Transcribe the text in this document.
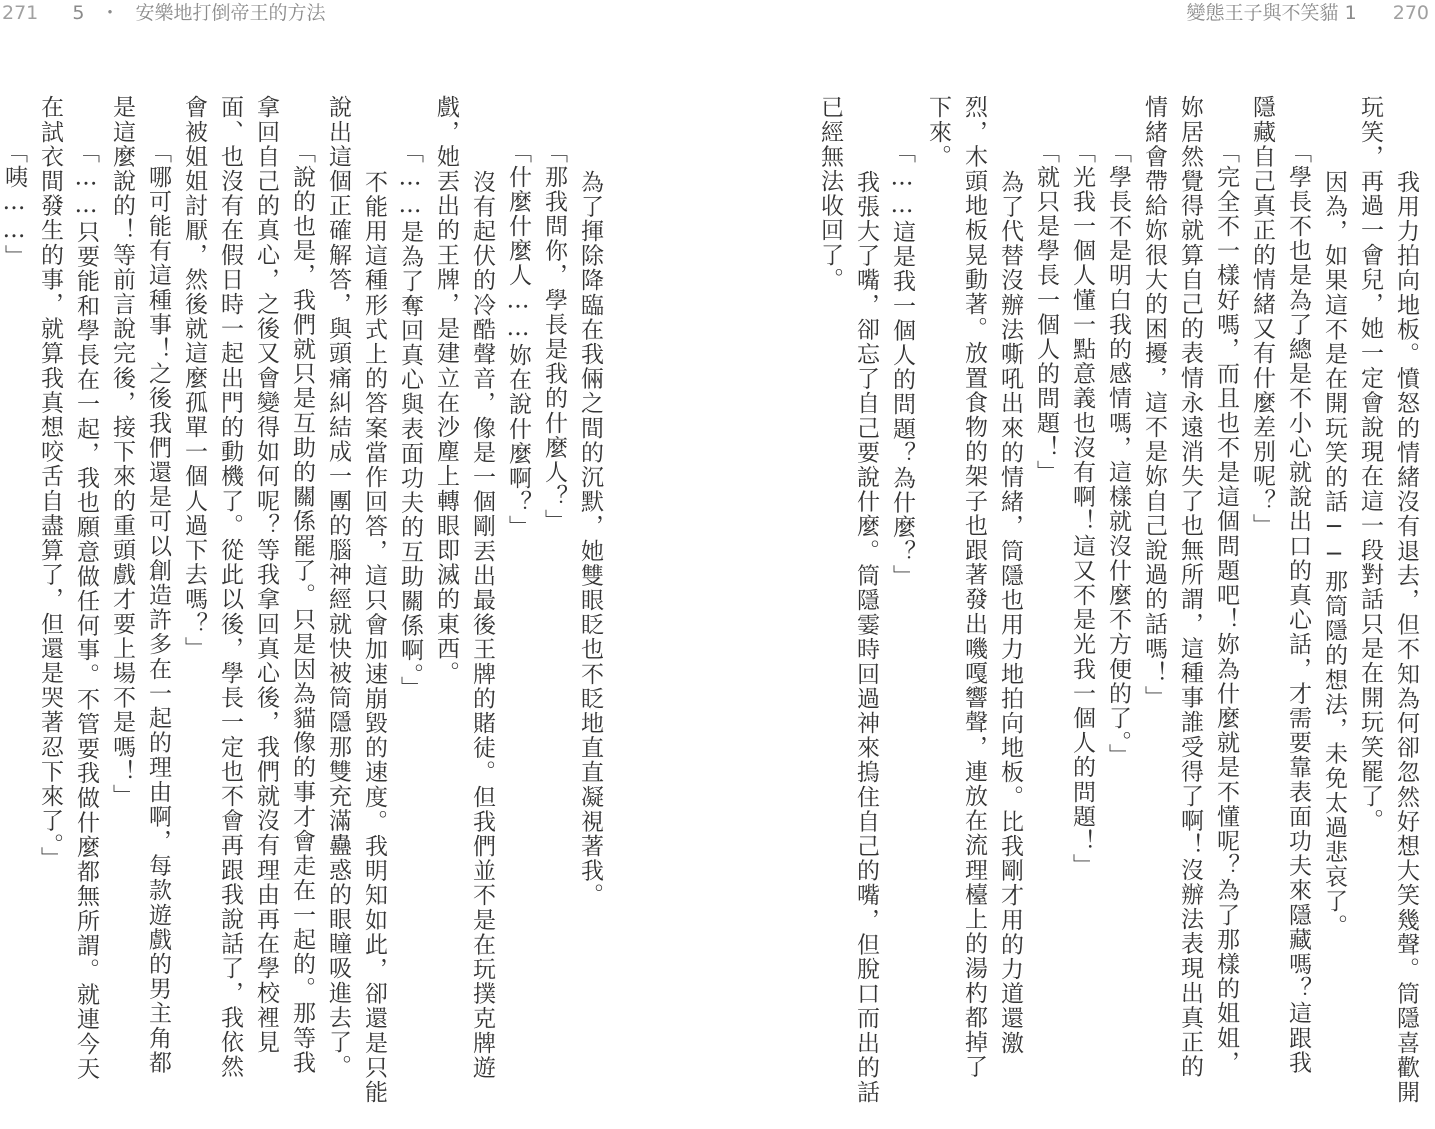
271 5 ・ 安樂地打倒帝王的方法	變態王子與不笑貓 1 270
　我用力拍向地板。憤怒的情緒沒有退去，但不知為何卻忽然好想大笑幾聲。筒隱喜歡開
玩笑，再過一會兒，她一定會說現在這一段對話只是在開玩笑罷了。
　因為，如果這不是在開玩笑的話──那筒隱的想法，未免太過悲哀了。
「學長不也是為了總是不小心就說出口的真心話，才需要靠表面功夫來隱藏嗎？這跟我
隱藏自己真正的情緒又有什麼差別呢？」
「完全不一樣好嗎，而且也不是這個問題吧！妳為什麼就是不懂呢？為了那樣的姐姐，
妳居然覺得就算自己的表情永遠消失了也無所謂，這種事誰受得了啊！沒辦法表現出真正的
情緒會帶給妳很大的困擾，這不是妳自己說過的話嗎！」
「學長不是明白我的感情嗎，這樣就沒什麼不方便的了。」
「光我一個人懂一點意義也沒有啊！這又不是光我一個人的問題！」
「就只是學長一個人的問題！」
　為了代替沒辦法嘶吼出來的情緒，筒隱也用力地拍向地板。比我剛才用的力道還激
烈，木頭地板晃動著。放置食物的架子也跟著發出嘰嘎響聲，連放在流理檯上的湯杓都掉了
下來。
「……這是我一個人的問題？為什麼？」
　我張大了嘴，卻忘了自己要說什麼。筒隱霎時回過神來摀住自己的嘴，但脫口而出的話
已經無法收回了。
　為了揮除降臨在我倆之間的沉默，她雙眼眨也不眨地直直凝視著我。
「那我問你，學長是我的什麼人？」
「什麼什麼人……妳在說什麼啊？」
　沒有起伏的冷酷聲音，像是一個剛丟出最後王牌的賭徒。但我們並不是在玩撲克牌遊
戲，她丟出的王牌，是建立在沙塵上轉眼即滅的東西。
「……是為了奪回真心與表面功夫的互助關係啊。」
　不能用這種形式上的答案當作回答，這只會加速崩毀的速度。我明知如此，卻還是只能
說出這個正確解答，與頭痛糾結成一團的腦神經就快被筒隱那雙充滿蠱惑的眼瞳吸進去了。
「說的也是，我們就只是互助的關係罷了。只是因為貓像的事才會走在一起的。那等我
拿回自己的真心，之後又會變得如何呢？等我拿回真心後，我們就沒有理由再在學校裡見
面、也沒有在假日時一起出門的動機了。從此以後，學長一定也不會再跟我說話了，我依然
會被姐姐討厭，然後就這麼孤單一個人過下去嗎？」
「哪可能有這種事！之後我們還是可以創造許多在一起的理由啊，每款遊戲的男主角都
是這麼說的！等前言說完後，接下來的重頭戲才要上場不是嗎！」
「……只要能和學長在一起，我也願意做任何事。不管要我做什麼都無所謂。就連今天
在試衣間發生的事，就算我真想咬舌自盡算了，但還是哭著忍下來了。」
「咦……」
